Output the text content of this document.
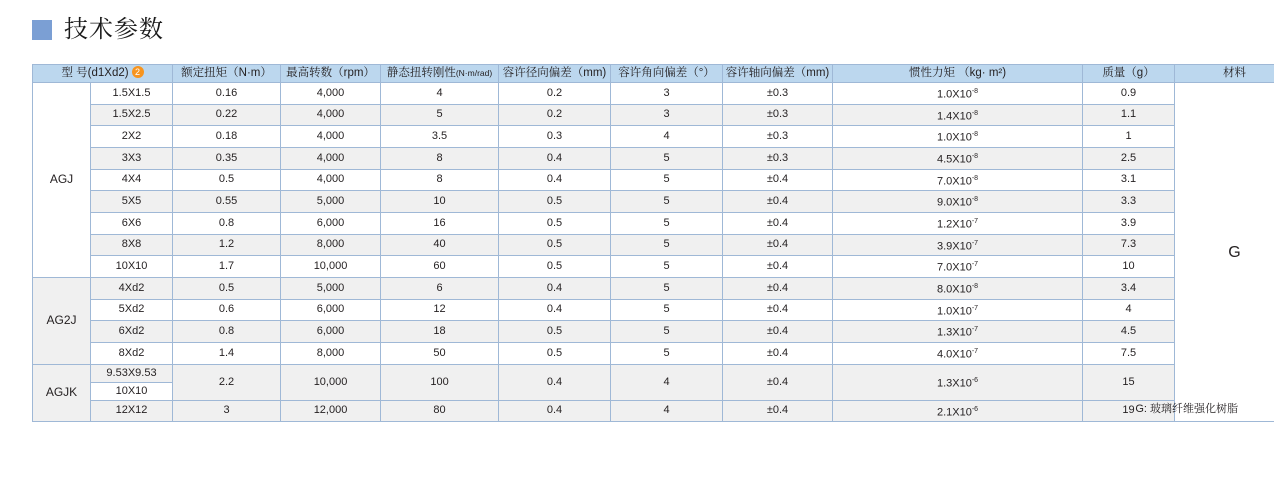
技术参数
型 号(d1Xd2) 2		额定扭矩（N·m）	最高转数（rpm）	静态扭转刚性(N·m/rad)	容许径向偏差（mm)	容许角向偏差（°）	容许轴向偏差（mm)	惯性力矩 （kg· m²)	质量（g）	材料
AGJ	1.5X1.5	0.16	4,000	4	0.2	3	±0.3	$1.0X10^{-8}$	0.9	G
	1.5X2.5	0.22	4,000	5	0.2	3	±0.3	$1.4X10^{-8}$	1.1	
	2X2	0.18	4,000	3.5	0.3	4	±0.3	$1.0X10^{-8}$	1	
	3X3	0.35	4,000	8	0.4	5	±0.3	$4.5X10^{-8}$	2.5	
	4X4	0.5	4,000	8	0.4	5	±0.4	$7.0X10^{-8}$	3.1	
	5X5	0.55	5,000	10	0.5	5	±0.4	$9.0X10^{-8}$	3.3	
	6X6	0.8	6,000	16	0.5	5	±0.4	$1.2X10^{-7}$	3.9	
	8X8	1.2	8,000	40	0.5	5	±0.4	$3.9X10^{-7}$	7.3	
	10X10	1.7	10,000	60	0.5	5	±0.4	$7.0X10^{-7}$	10	
AG2J	4Xd2	0.5	5,000	6	0.4	5	±0.4	$8.0X10^{-8}$	3.4	
	5Xd2	0.6	6,000	12	0.4	5	±0.4	$1.0X10^{-7}$	4	
	6Xd2	0.8	6,000	18	0.5	5	±0.4	$1.3X10^{-7}$	4.5	
	8Xd2	1.4	8,000	50	0.5	5	±0.4	$4.0X10^{-7}$	7.5	
AGJK	9.53X9.53	2.2	10,000	100	0.4	4	±0.4	$1.3X10^{-6}$	15	
	10X10									
	12X12	3	12,000	80	0.4	4	±0.4	$2.1X10^{-6}$	19	G: 玻璃纤维强化树脂
